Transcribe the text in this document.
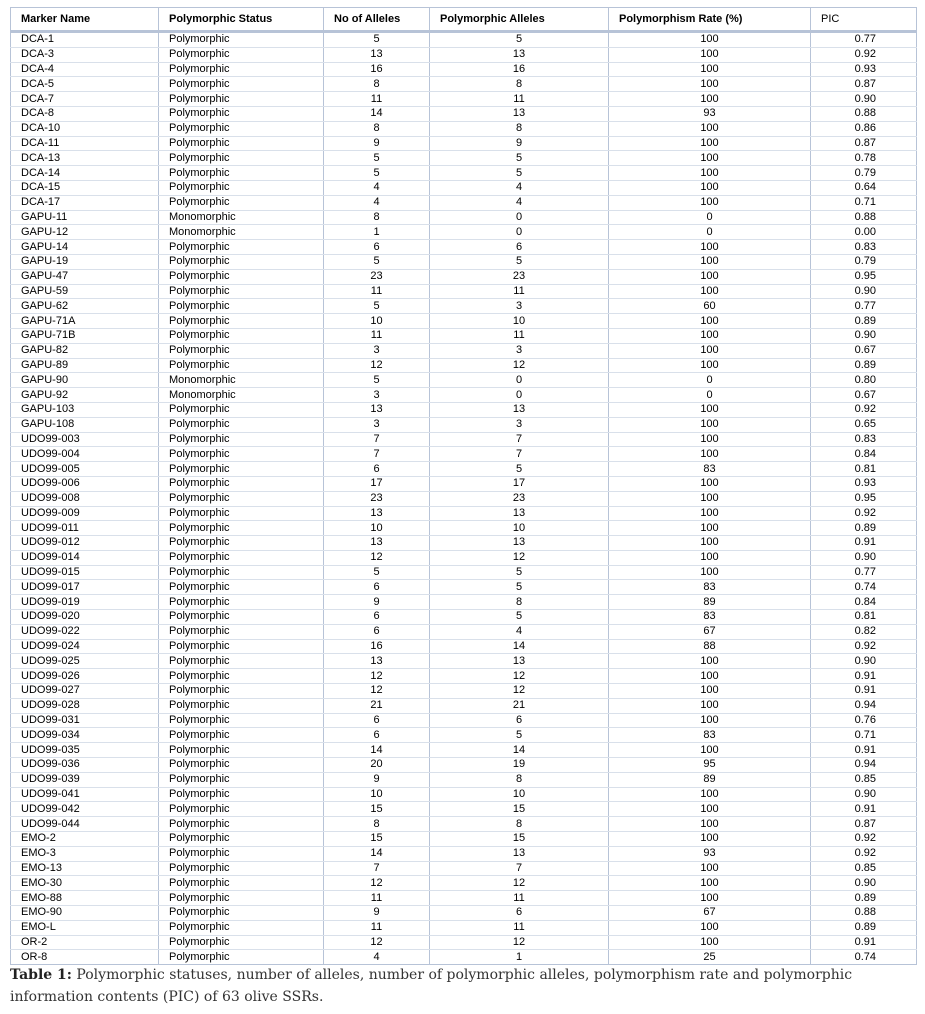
Marker Name	Polymorphic Status	No of Alleles	Polymorphic Alleles	Polymorphism Rate (%)	PIC
DCA-1	Polymorphic	5	5	100	0.77
DCA-3	Polymorphic	13	13	100	0.92
DCA-4	Polymorphic	16	16	100	0.93
DCA-5	Polymorphic	8	8	100	0.87
DCA-7	Polymorphic	11	11	100	0.90
DCA-8	Polymorphic	14	13	93	0.88
DCA-10	Polymorphic	8	8	100	0.86
DCA-11	Polymorphic	9	9	100	0.87
DCA-13	Polymorphic	5	5	100	0.78
DCA-14	Polymorphic	5	5	100	0.79
DCA-15	Polymorphic	4	4	100	0.64
DCA-17	Polymorphic	4	4	100	0.71
GAPU-11	Monomorphic	8	0	0	0.88
GAPU-12	Monomorphic	1	0	0	0.00
GAPU-14	Polymorphic	6	6	100	0.83
GAPU-19	Polymorphic	5	5	100	0.79
GAPU-47	Polymorphic	23	23	100	0.95
GAPU-59	Polymorphic	11	11	100	0.90
GAPU-62	Polymorphic	5	3	60	0.77
GAPU-71A	Polymorphic	10	10	100	0.89
GAPU-71B	Polymorphic	11	11	100	0.90
GAPU-82	Polymorphic	3	3	100	0.67
GAPU-89	Polymorphic	12	12	100	0.89
GAPU-90	Monomorphic	5	0	0	0.80
GAPU-92	Monomorphic	3	0	0	0.67
GAPU-103	Polymorphic	13	13	100	0.92
GAPU-108	Polymorphic	3	3	100	0.65
UDO99-003	Polymorphic	7	7	100	0.83
UDO99-004	Polymorphic	7	7	100	0.84
UDO99-005	Polymorphic	6	5	83	0.81
UDO99-006	Polymorphic	17	17	100	0.93
UDO99-008	Polymorphic	23	23	100	0.95
UDO99-009	Polymorphic	13	13	100	0.92
UDO99-011	Polymorphic	10	10	100	0.89
UDO99-012	Polymorphic	13	13	100	0.91
UDO99-014	Polymorphic	12	12	100	0.90
UDO99-015	Polymorphic	5	5	100	0.77
UDO99-017	Polymorphic	6	5	83	0.74
UDO99-019	Polymorphic	9	8	89	0.84
UDO99-020	Polymorphic	6	5	83	0.81
UDO99-022	Polymorphic	6	4	67	0.82
UDO99-024	Polymorphic	16	14	88	0.92
UDO99-025	Polymorphic	13	13	100	0.90
UDO99-026	Polymorphic	12	12	100	0.91
UDO99-027	Polymorphic	12	12	100	0.91
UDO99-028	Polymorphic	21	21	100	0.94
UDO99-031	Polymorphic	6	6	100	0.76
UDO99-034	Polymorphic	6	5	83	0.71
UDO99-035	Polymorphic	14	14	100	0.91
UDO99-036	Polymorphic	20	19	95	0.94
UDO99-039	Polymorphic	9	8	89	0.85
UDO99-041	Polymorphic	10	10	100	0.90
UDO99-042	Polymorphic	15	15	100	0.91
UDO99-044	Polymorphic	8	8	100	0.87
EMO-2	Polymorphic	15	15	100	0.92
EMO-3	Polymorphic	14	13	93	0.92
EMO-13	Polymorphic	7	7	100	0.85
EMO-30	Polymorphic	12	12	100	0.90
EMO-88	Polymorphic	11	11	100	0.89
EMO-90	Polymorphic	9	6	67	0.88
EMO-L	Polymorphic	11	11	100	0.89
OR-2	Polymorphic	12	12	100	0.91
OR-8	Polymorphic	4	1	25	0.74
Table 1: Polymorphic statuses, number of alleles, number of polymorphic alleles, polymorphism rate and polymorphic information contents (PIC) of 63 olive SSRs.
